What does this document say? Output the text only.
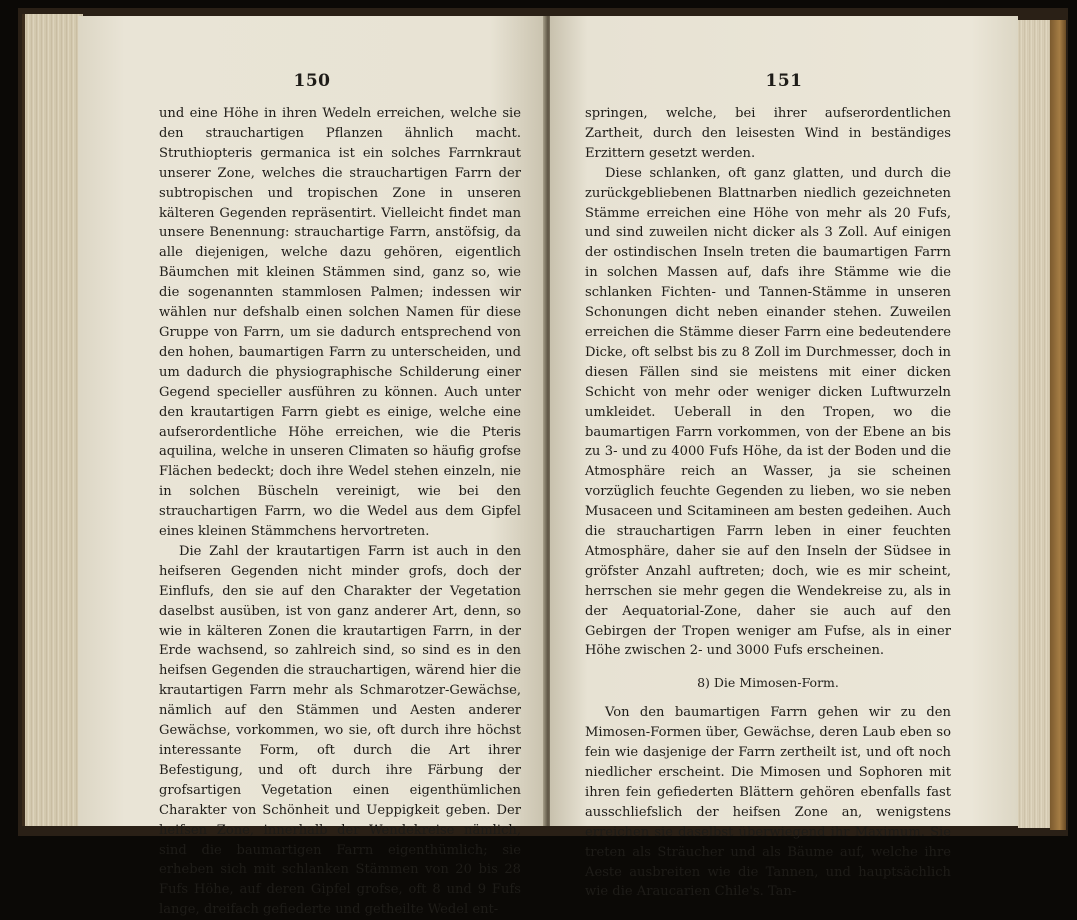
150

und eine Höhe in ihren Wedeln erreichen, welche sie den strauchartigen Pflanzen ähnlich macht. Struthiopteris germanica ist ein solches Farrnkraut unserer Zone, welches die strauchartigen Farrn der subtropischen und tropischen Zone in unseren kälteren Gegenden repräsentirt. Vielleicht findet man unsere Benennung: strauchartige Farrn, anstöfsig, da alle diejenigen, welche dazu gehören, eigentlich Bäumchen mit kleinen Stämmen sind, ganz so, wie die sogenannten stammlosen Palmen; indessen wir wählen nur defshalb einen solchen Namen für diese Gruppe von Farrn, um sie dadurch entsprechend von den hohen, baumartigen Farrn zu unterscheiden, und um dadurch die physiographische Schilderung einer Gegend specieller ausführen zu können. Auch unter den krautartigen Farrn giebt es einige, welche eine aufserordentliche Höhe erreichen, wie die Pteris aquilina, welche in unseren Climaten so häufig grofse Flächen bedeckt; doch ihre Wedel stehen einzeln, nie in solchen Büscheln vereinigt, wie bei den strauchartigen Farrn, wo die Wedel aus dem Gipfel eines kleinen Stämmchens hervortreten.

Die Zahl der krautartigen Farrn ist auch in den heifseren Gegenden nicht minder grofs, doch der Einflufs, den sie auf den Charakter der Vegetation daselbst ausüben, ist von ganz anderer Art, denn, so wie in kälteren Zonen die krautartigen Farrn, in der Erde wachsend, so zahlreich sind, so sind es in den heifsen Gegenden die strauchartigen, wärend hier die krautartigen Farrn mehr als Schmarotzer-Gewächse, nämlich auf den Stämmen und Aesten anderer Gewächse, vorkommen, wo sie, oft durch ihre höchst interessante Form, oft durch die Art ihrer Befestigung, und oft durch ihre Färbung der grofsartigen Vegetation einen eigenthümlichen Charakter von Schönheit und Ueppigkeit geben. Der heifsen Zone, innerhalb der Wendekreise nämlich, sind die baumartigen Farrn eigenthümlich; sie erheben sich mit schlanken Stämmen von 20 bis 28 Fufs Höhe, auf deren Gipfel grofse, oft 8 und 9 Fufs lange, dreifach gefiederte und getheilte Wedel ent-

151

springen, welche, bei ihrer aufserordentlichen Zartheit, durch den leisesten Wind in beständiges Erzittern gesetzt werden.

Diese schlanken, oft ganz glatten, und durch die zurückgebliebenen Blattnarben niedlich gezeichneten Stämme erreichen eine Höhe von mehr als 20 Fufs, und sind zuweilen nicht dicker als 3 Zoll. Auf einigen der ostindischen Inseln treten die baumartigen Farrn in solchen Massen auf, dafs ihre Stämme wie die schlanken Fichten- und Tannen-Stämme in unseren Schonungen dicht neben einander stehen. Zuweilen erreichen die Stämme dieser Farrn eine bedeutendere Dicke, oft selbst bis zu 8 Zoll im Durchmesser, doch in diesen Fällen sind sie meistens mit einer dicken Schicht von mehr oder weniger dicken Luftwurzeln umkleidet. Ueberall in den Tropen, wo die baumartigen Farrn vorkommen, von der Ebene an bis zu 3- und zu 4000 Fufs Höhe, da ist der Boden und die Atmosphäre reich an Wasser, ja sie scheinen vorzüglich feuchte Gegenden zu lieben, wo sie neben Musaceen und Scitamineen am besten gedeihen. Auch die strauchartigen Farrn leben in einer feuchten Atmosphäre, daher sie auf den Inseln der Südsee in gröfster Anzahl auftreten; doch, wie es mir scheint, herrschen sie mehr gegen die Wendekreise zu, als in der Aequatorial-Zone, daher sie auch auf den Gebirgen der Tropen weniger am Fufse, als in einer Höhe zwischen 2- und 3000 Fufs erscheinen.

8) Die Mimosen-Form.

Von den baumartigen Farrn gehen wir zu den Mimosen-Formen über, Gewächse, deren Laub eben so fein wie dasjenige der Farrn zertheilt ist, und oft noch niedlicher erscheint. Die Mimosen und Sophoren mit ihren fein gefiederten Blättern gehören ebenfalls fast ausschliefslich der heifsen Zone an, wenigstens erreichen sie daselbst überwiegend ihr Maximum. Sie treten als Sträucher und als Bäume auf, welche ihre Aeste ausbreiten wie die Tannen, und hauptsächlich wie die Araucarien Chile's. Tan-
